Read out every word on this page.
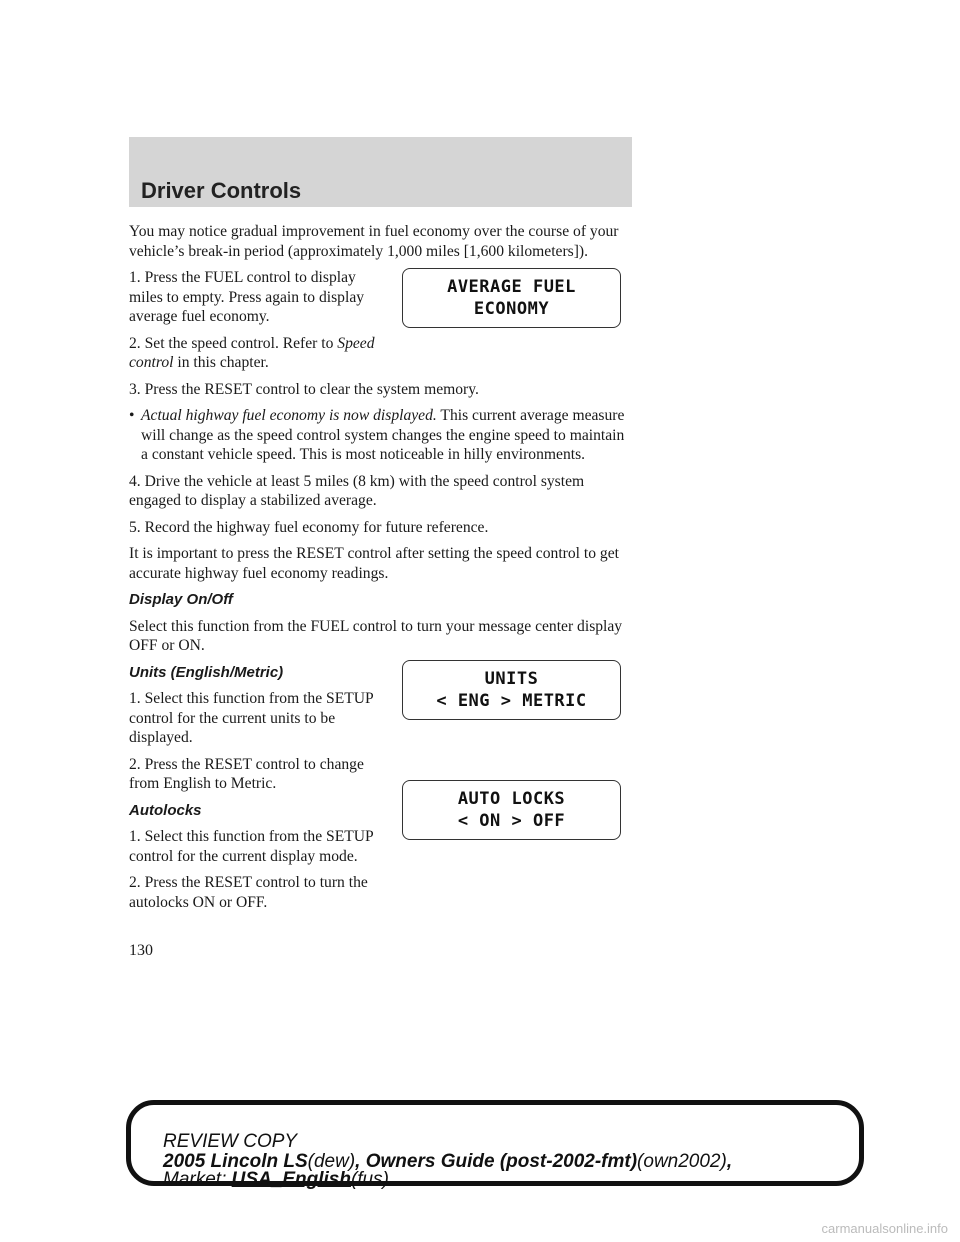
Driver Controls

You may notice gradual improvement in fuel economy over the course of your vehicle’s break-in period (approximately 1,000 miles [1,600 kilometers]).

1. Press the FUEL control to display miles to empty. Press again to display average fuel economy.

2. Set the speed control. Refer to Speed control in this chapter.

3. Press the RESET control to clear the system memory.

• Actual highway fuel economy is now displayed. This current average measure will change as the speed control system changes the engine speed to maintain a constant vehicle speed. This is most noticeable in hilly environments.

4. Drive the vehicle at least 5 miles (8 km) with the speed control system engaged to display a stabilized average.

5. Record the highway fuel economy for future reference.

It is important to press the RESET control after setting the speed control to get accurate highway fuel economy readings.

Display On/Off

Select this function from the FUEL control to turn your message center display OFF or ON.

Units (English/Metric)

1. Select this function from the SETUP control for the current units to be displayed.

2. Press the RESET control to change from English to Metric.

Autolocks

1. Select this function from the SETUP control for the current display mode.

2. Press the RESET control to turn the autolocks ON or OFF.

AVERAGE FUEL
ECONOMY
UNITS
< ENG > METRIC
AUTO LOCKS
< ON > OFF
130
REVIEW COPY
2005 Lincoln LS(dew), Owners Guide (post-2002-fmt)(own2002),
Market: USA_English(fus)
carmanualsonline.info
